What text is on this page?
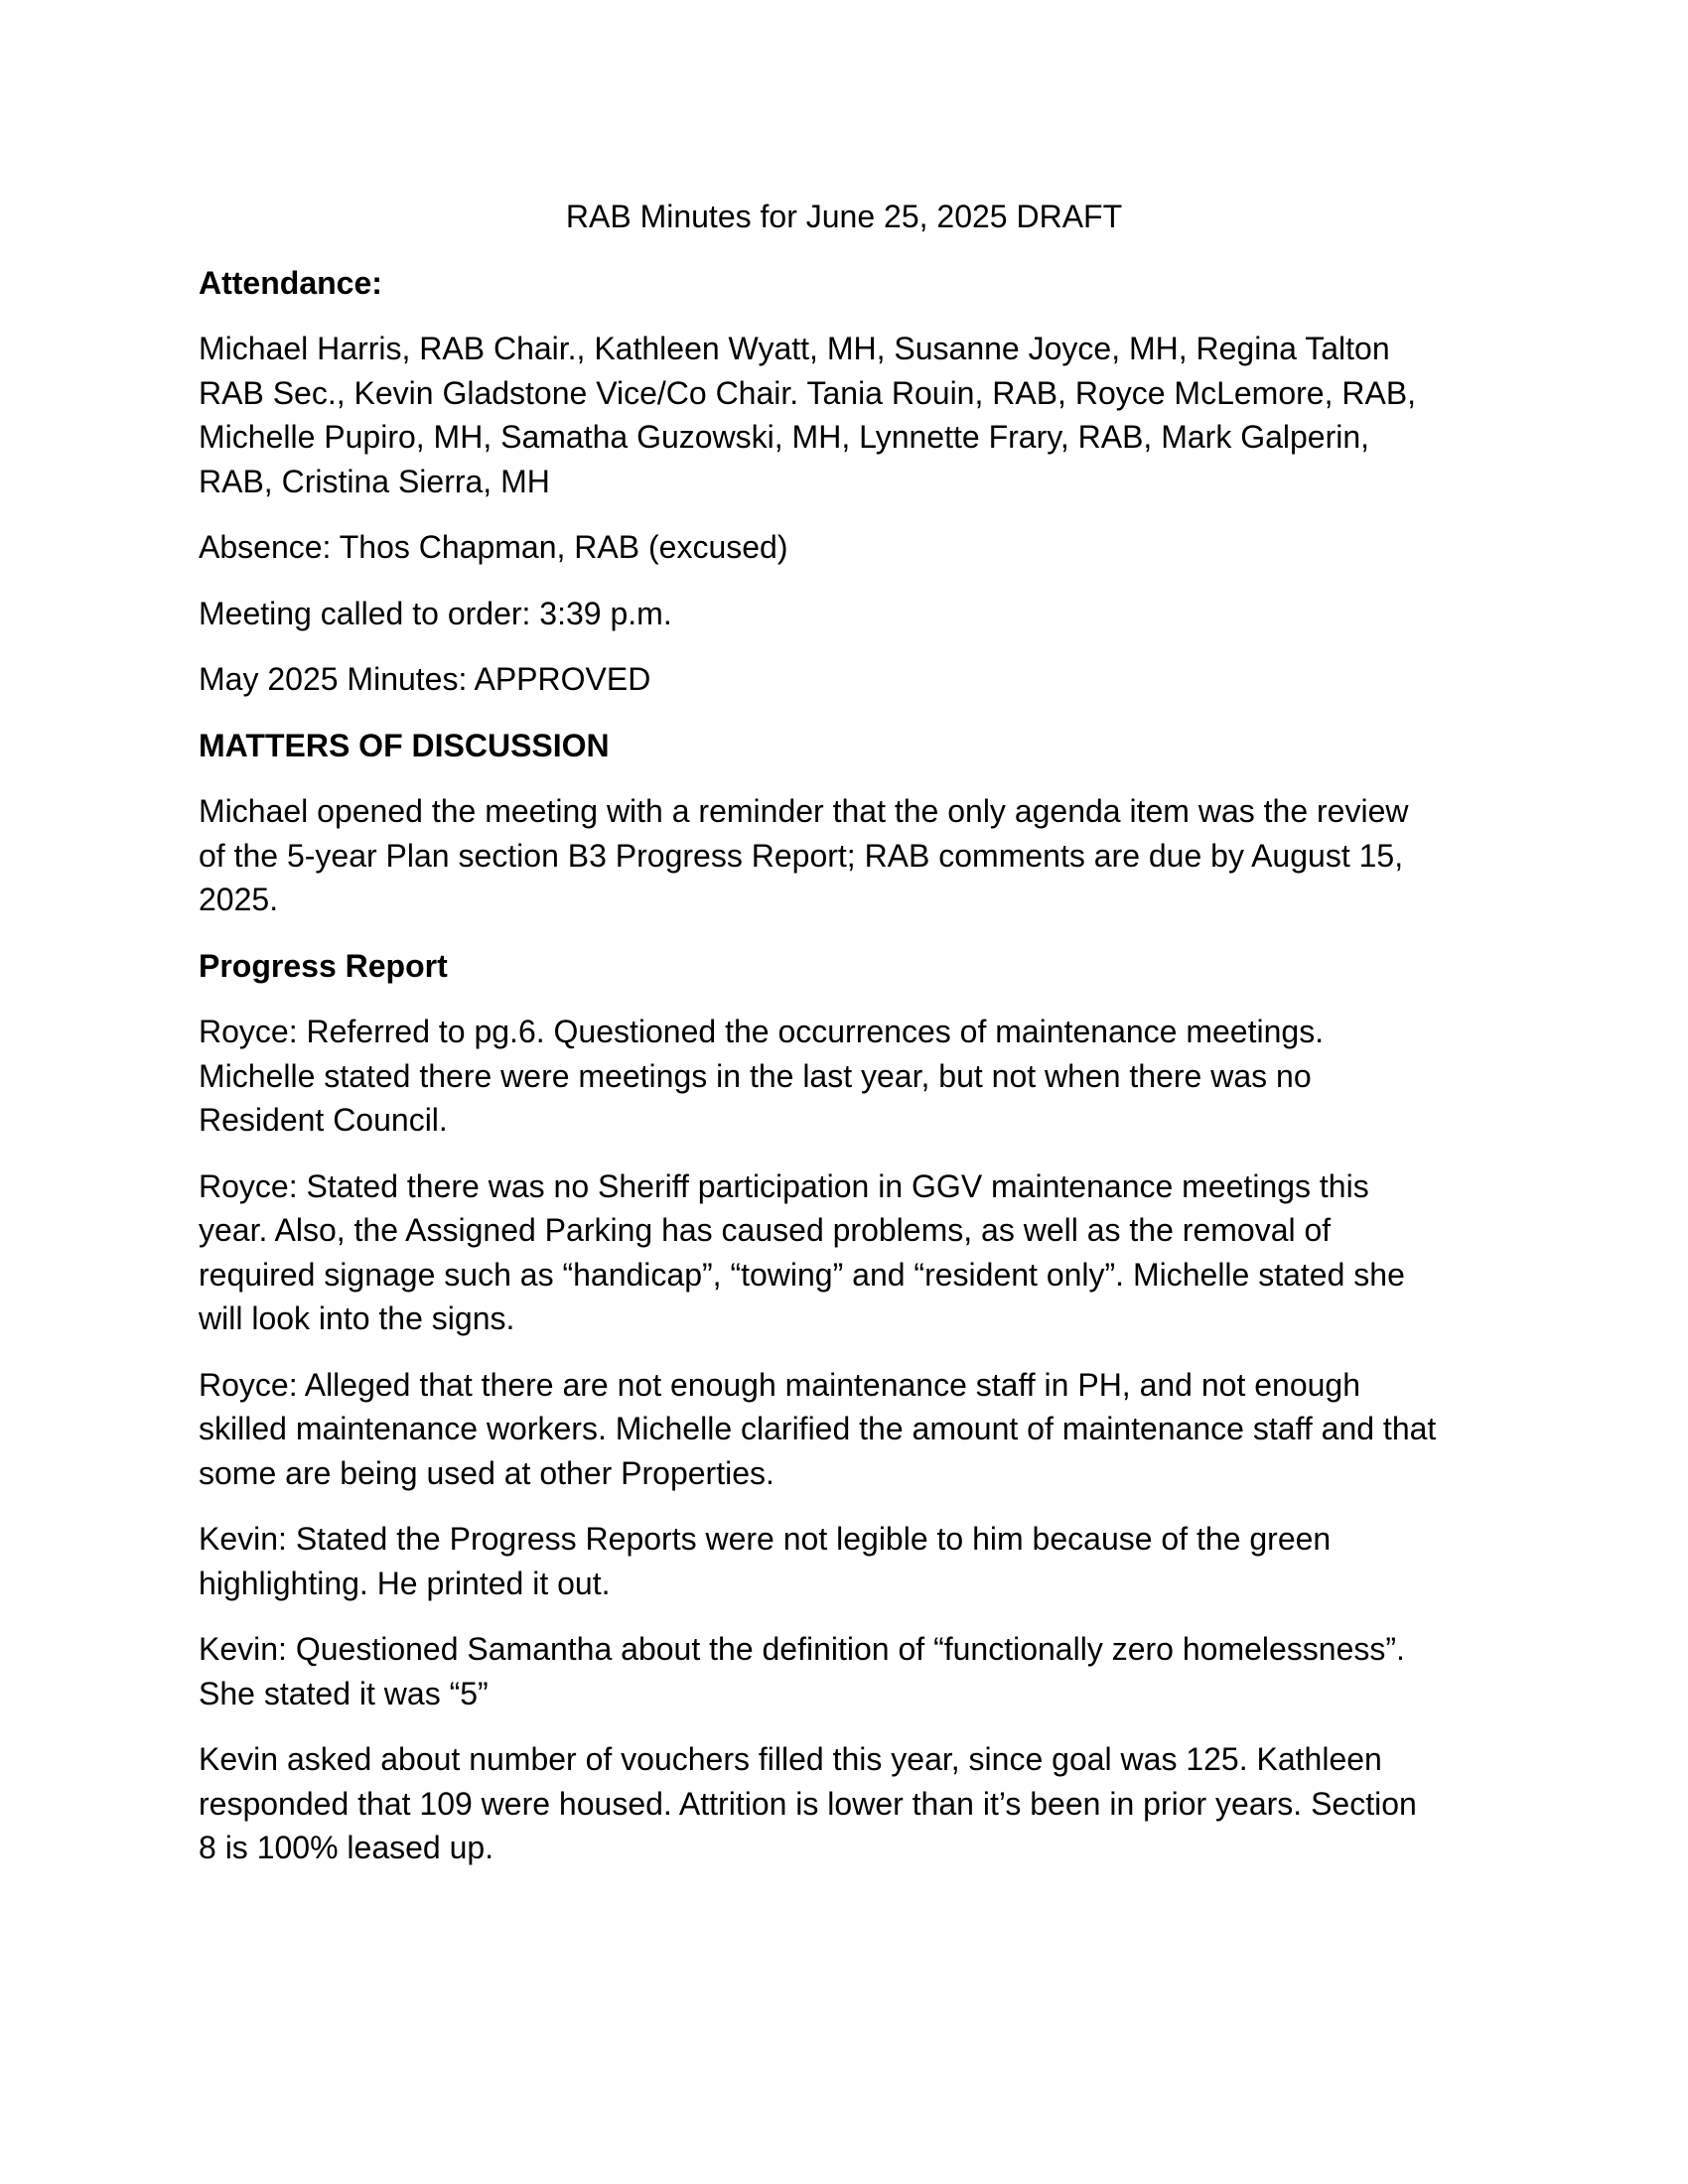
RAB Minutes for June 25, 2025 DRAFT
Attendance:

Michael Harris, RAB Chair., Kathleen Wyatt, MH, Susanne Joyce, MH, Regina Talton
RAB Sec., Kevin Gladstone Vice/Co Chair. Tania Rouin, RAB, Royce McLemore, RAB,
Michelle Pupiro, MH, Samatha Guzowski, MH, Lynnette Frary, RAB, Mark Galperin,
RAB, Cristina Sierra, MH

Absence: Thos Chapman, RAB (excused)

Meeting called to order: 3:39 p.m.

May 2025 Minutes: APPROVED

MATTERS OF DISCUSSION

Michael opened the meeting with a reminder that the only agenda item was the review
of the 5-year Plan section B3 Progress Report; RAB comments are due by August 15,
2025.

Progress Report

Royce: Referred to pg.6. Questioned the occurrences of maintenance meetings.
Michelle stated there were meetings in the last year, but not when there was no
Resident Council.

Royce: Stated there was no Sheriff participation in GGV maintenance meetings this
year. Also, the Assigned Parking has caused problems, as well as the removal of
required signage such as “handicap”, “towing” and “resident only”. Michelle stated she
will look into the signs.

Royce: Alleged that there are not enough maintenance staff in PH, and not enough
skilled maintenance workers. Michelle clarified the amount of maintenance staff and that
some are being used at other Properties.

Kevin: Stated the Progress Reports were not legible to him because of the green
highlighting. He printed it out.

Kevin: Questioned Samantha about the definition of “functionally zero homelessness”.
She stated it was “5”

Kevin asked about number of vouchers filled this year, since goal was 125. Kathleen
responded that 109 were housed. Attrition is lower than it’s been in prior years. Section
8 is 100% leased up.
